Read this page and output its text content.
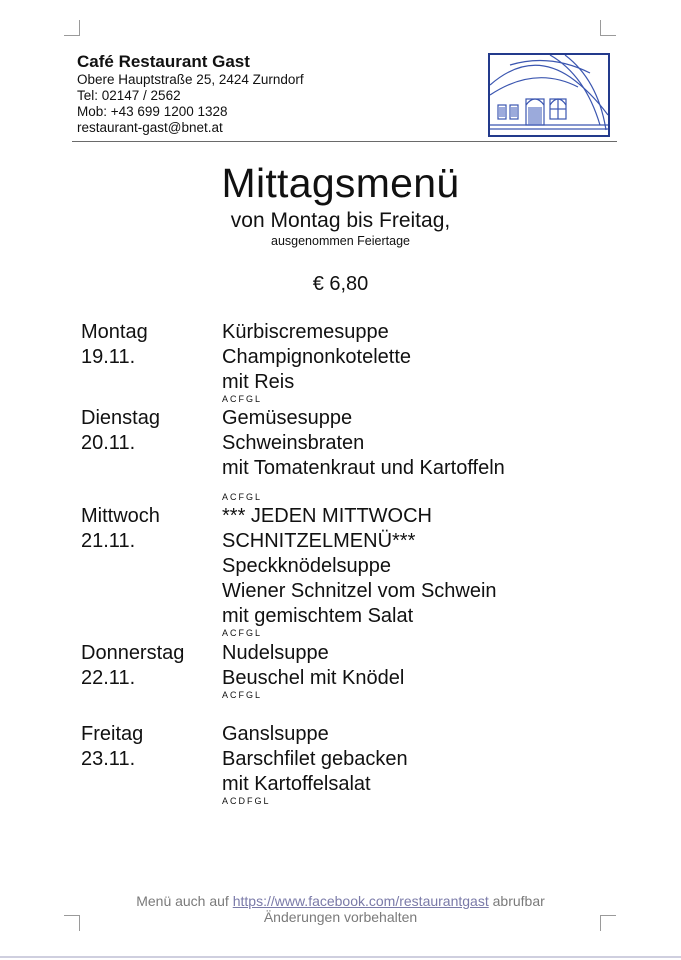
Café Restaurant Gast
Obere Hauptstraße 25, 2424 Zurndorf
Tel: 02147 / 2562
Mob: +43 699 1200 1328
restaurant-gast@bnet.at
Mittagsmenü
von Montag bis Freitag,
ausgenommen Feiertage
€ 6,80
Montag
19.11.
Kürbiscremesuppe
Champignonkotelette
mit Reis
ACFGL
Dienstag
20.11.
Gemüsesuppe
Schweinsbraten
mit Tomatenkraut und Kartoffeln
ACFGL
Mittwoch
21.11.
*** JEDEN MITTWOCH
SCHNITZELMENÜ***
Speckknödelsuppe
Wiener Schnitzel vom Schwein
mit gemischtem Salat
ACFGL
Donnerstag
22.11.
Nudelsuppe
Beuschel mit Knödel
ACFGL
Freitag
23.11.
Ganslsuppe
Barschfilet gebacken
mit Kartoffelsalat
ACDFGL
Menü auch auf https://www.facebook.com/restaurantgast abrufbar
Änderungen vorbehalten
